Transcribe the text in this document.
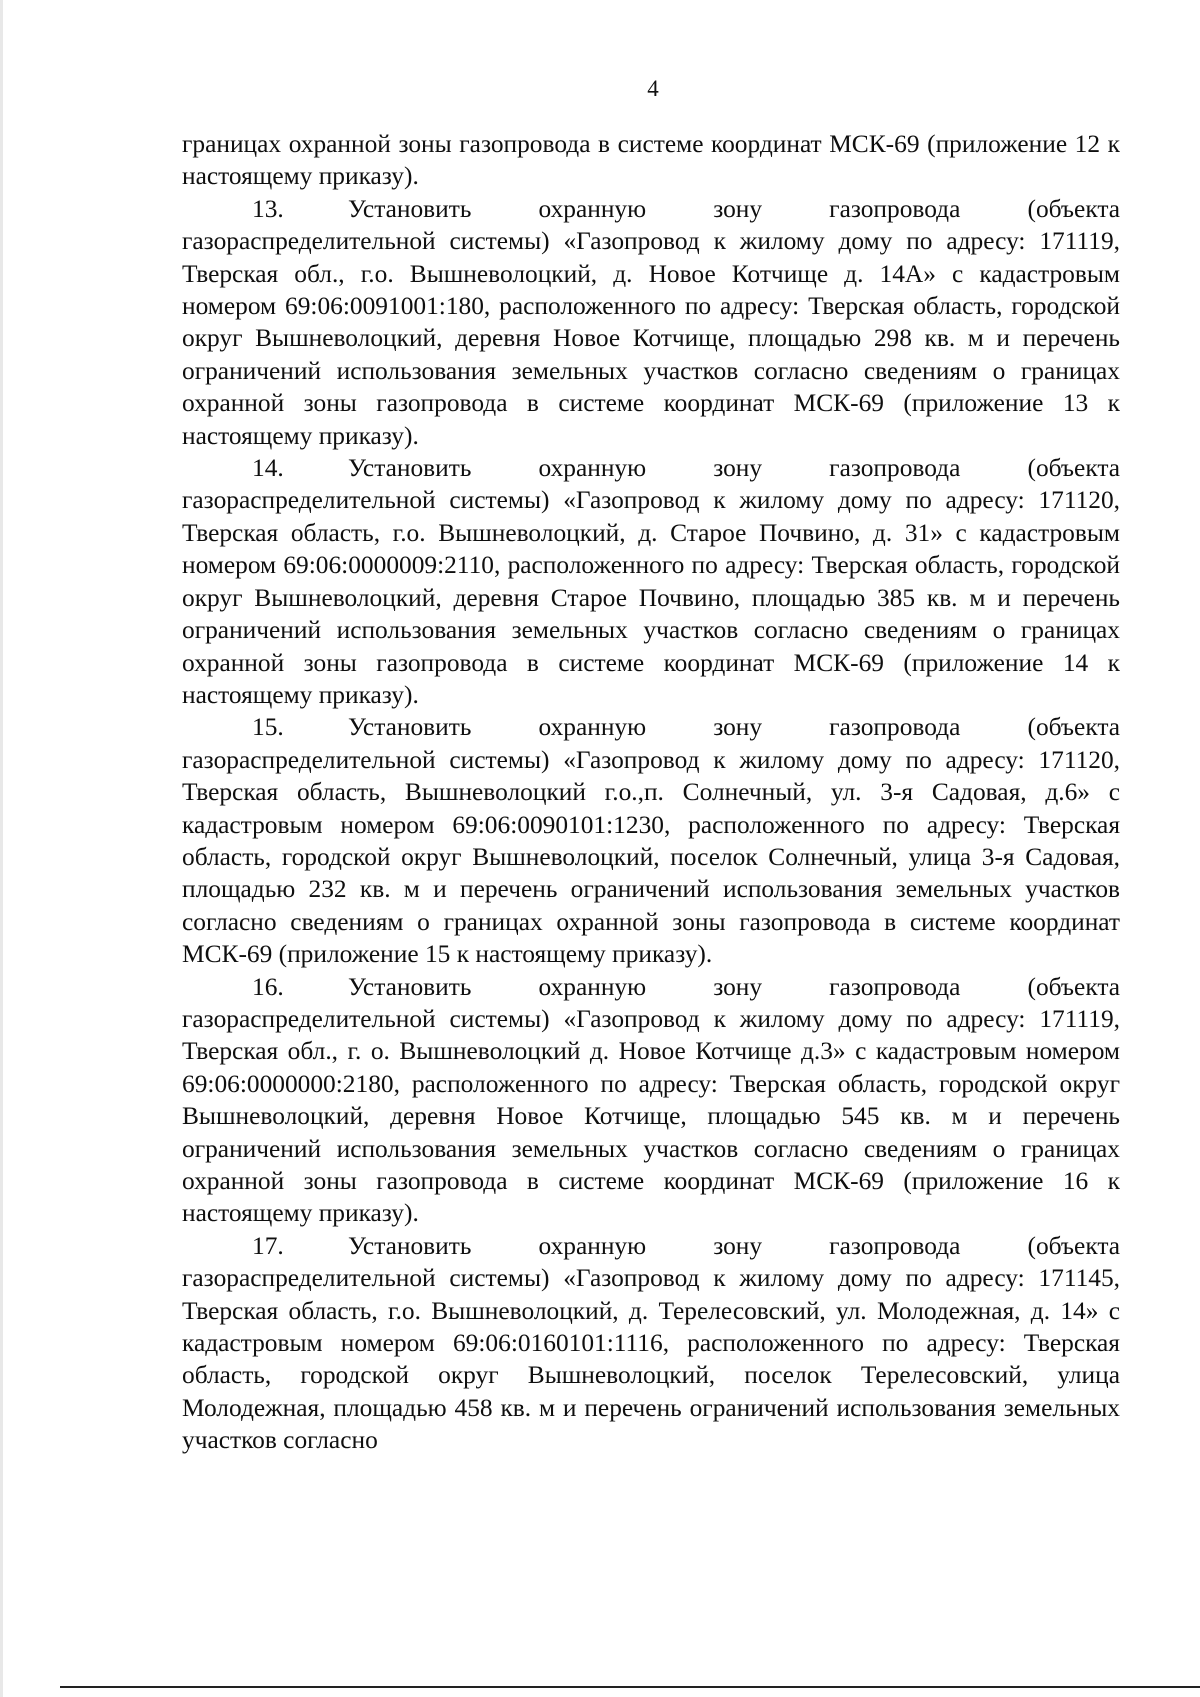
4

границах охранной зоны газопровода в системе координат МСК-69 (приложение 12 к настоящему приказу).

13.	Установить охранную зону газопровода (объекта газораспределительной системы) «Газопровод к жилому дому по адресу: 171119, Тверская обл., г.о. Вышневолоцкий, д. Новое Котчище д. 14А» с кадастровым номером 69:06:0091001:180, расположенного по адресу: Тверская область, городской округ Вышневолоцкий, деревня Новое Котчище, площадью 298 кв. м и перечень ограничений использования земельных участков согласно сведениям о границах охранной зоны газопровода в системе координат МСК-69 (приложение 13 к настоящему приказу).

14.	Установить охранную зону газопровода (объекта газораспределительной системы) «Газопровод к жилому дому по адресу: 171120, Тверская область, г.о. Вышневолоцкий, д. Старое Почвино, д. 31» с кадастровым номером 69:06:0000009:2110, расположенного по адресу: Тверская область, городской округ Вышневолоцкий, деревня Старое Почвино, площадью 385 кв. м и перечень ограничений использования земельных участков согласно сведениям о границах охранной зоны газопровода в системе координат МСК-69 (приложение 14 к настоящему приказу).

15.	Установить охранную зону газопровода (объекта газораспределительной системы) «Газопровод к жилому дому по адресу: 171120, Тверская область, Вышневолоцкий г.о.,п. Солнечный, ул. 3-я Садовая, д.6» с кадастровым номером 69:06:0090101:1230, расположенного по адресу: Тверская область, городской округ Вышневолоцкий, поселок Солнечный, улица 3-я Садовая, площадью 232 кв. м и перечень ограничений использования земельных участков согласно сведениям о границах охранной зоны газопровода в системе координат МСК-69 (приложение 15 к настоящему приказу).

16.	Установить охранную зону газопровода (объекта газораспределительной системы) «Газопровод к жилому дому по адресу: 171119, Тверская обл., г. о. Вышневолоцкий д. Новое Котчище д.3» с кадастровым номером 69:06:0000000:2180, расположенного по адресу: Тверская область, городской округ Вышневолоцкий, деревня Новое Котчище, площадью 545 кв. м и перечень ограничений использования земельных участков согласно сведениям о границах охранной зоны газопровода в системе координат МСК-69 (приложение 16 к настоящему приказу).

17.	Установить охранную зону газопровода (объекта газораспределительной системы) «Газопровод к жилому дому по адресу: 171145, Тверская область, г.о. Вышневолоцкий, д. Терелесовский, ул. Молодежная, д. 14» с кадастровым номером 69:06:0160101:1116, расположенного по адресу: Тверская область, городской округ Вышневолоцкий, поселок Терелесовский, улица Молодежная, площадью 458 кв. м и перечень ограничений использования земельных участков согласно
